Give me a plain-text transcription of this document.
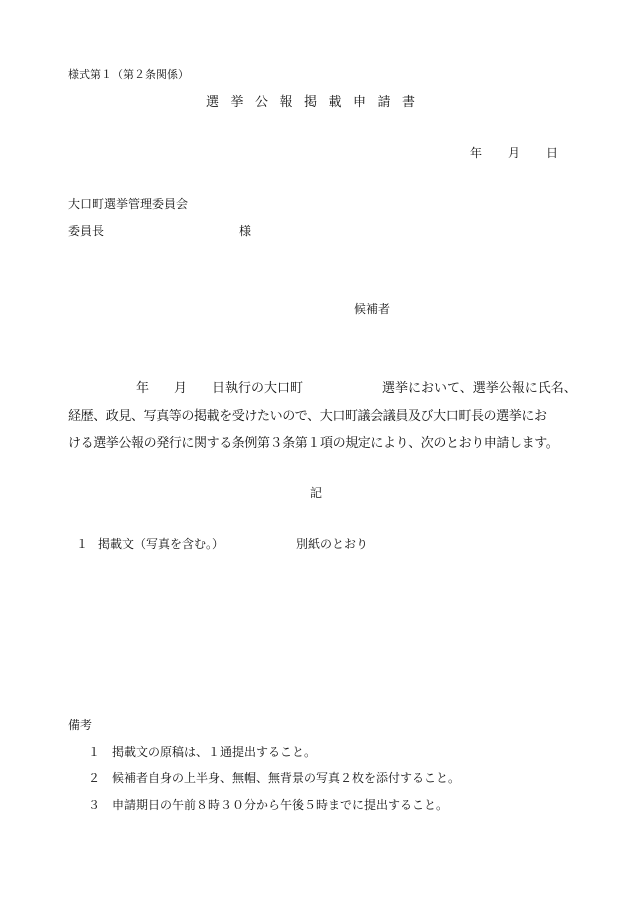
様式第１（第２条関係）
選挙公報掲載申請書
年 月 日
大口町選挙管理委員会
委員長	様
候補者
年 月 日執行の大口町	選挙において、選挙公報に氏名、
経歴、政見、写真等の掲載を受けたいので、大口町議会議員及び大口町長の選挙にお
ける選挙公報の発行に関する条例第３条第１項の規定により、次のとおり申請します。
記
１ 掲載文（写真を含む。）	別紙のとおり
備考
１ 掲載文の原稿は、１通提出すること。
２ 候補者自身の上半身、無帽、無背景の写真２枚を添付すること。
３ 申請期日の午前８時３０分から午後５時までに提出すること。
